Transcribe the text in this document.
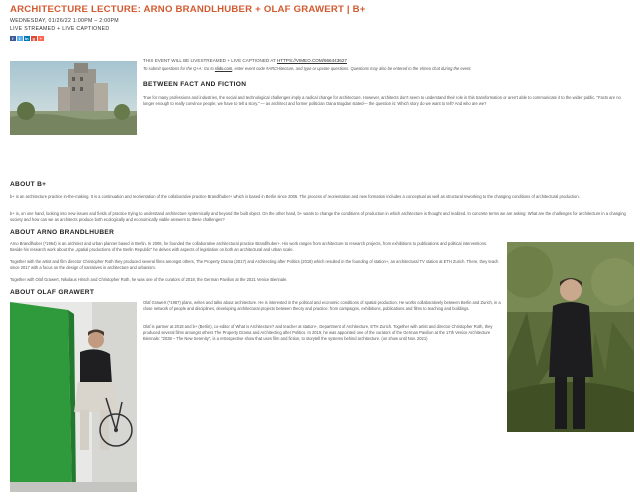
ARCHITECTURE LECTURE: ARNO BRANDLHUBER + OLAF GRAWERT | B+
WEDNESDAY, 01/26/22 1:00PM – 2:00PM
LIVE STREAMED + LIVE CAPTIONED
f	t	in g	+
THIS EVENT WILL BE LIVESTREAMED + LIVE CAPTIONED AT HTTPS://VIMEO.COM/666443627
To submit questions for the Q+A: Go to slido.com, enter event code #ARCHitecture, and type or upvote questions. Questions may also be entered in the Vimeo chat during the event.
BETWEEN FACT AND FICTION
True for many professions and industries, the social and technological challenges imply a radical change for architecture. However, architects don't seem to understand their role in this transformation or aren't able to communicate it to the wider public. "Facts are no longer enough to really convince people, we have to tell a story." — as architect and former politician Oana Bogdan stated— the question is: Which story do we want to tell? And who are we?
ABOUT B+
b+ is an architecture practice in-the-making. It is a continuation and reorientation of the collaborative practice Brandlhuber+ which is based in Berlin since 2006. The process of reorientation and new formation includes a conceptual as well as structural reworking to the changing conditions of architectural production.
b+ is, on one hand, looking into new issues and fields of practice trying to understand architecture systemically and beyond the built object. On the other hand, b+ wants to change the conditions of production in which architecture is thought and realized. In concrete terms we are asking: What are the challenges for architecture in a changing society and how can we as architects produce both ecologically and economically viable answers to these challenges?
ABOUT ARNO BRANDLHUBER
Arno Brandlhuber (*1964) is an architect and urban planner based in Berlin. In 2006, he founded the collaborative architectural practice Brandlhuber+. His work ranges from architecture to research projects, from exhibitions to publications and political interventions. Beside his research work about the „spatial productions of the Berlin Republic" he delves with aspects of legislation on both an architectural and urban scale.
Together with the artist and film director Christopher Roth they produced several films amongst others, The Property Drama (2017) and Architecting after Politics (2018) which resulted in the founding of station+, an architectural TV station at ETH Zurich. There, they teach since 2017 with a focus on the design of narratives in architecture and urbanism.
Together with Olaf Grawert, Nikolaus Hirsch and Christopher Roth, he was one of the curators of 2018, the German Pavilion at the 2021 Venice Biennale.
ABOUT OLAF GRAWERT
Olaf Grawert (*1987) plans, writes and talks about architecture. He is interested in the political and economic conditions of spatial production. He works collaboratively between Berlin and Zurich, in a close network of people and disciplines, developing architectural projects between theory and practice: from campaigns, exhibitions, publications and films to teaching and buildings.
Olaf is partner at 2018 and b+ (Berlin), co-editor of What is Architecture? and teacher at station+, Department of Architecture, ETH Zurich. Together with artist and director Christopher Roth, they produced several films amongst others The Property Drama and Architecting after Politics. In 2019, he was appointed one of the curators of the German Pavilion at the 17th Venice Architecture Biennale: "2038 – The New Serenity", is a retrospective show that uses film and fiction, to storytell the systems behind architecture. (on show until Nov. 2021)
